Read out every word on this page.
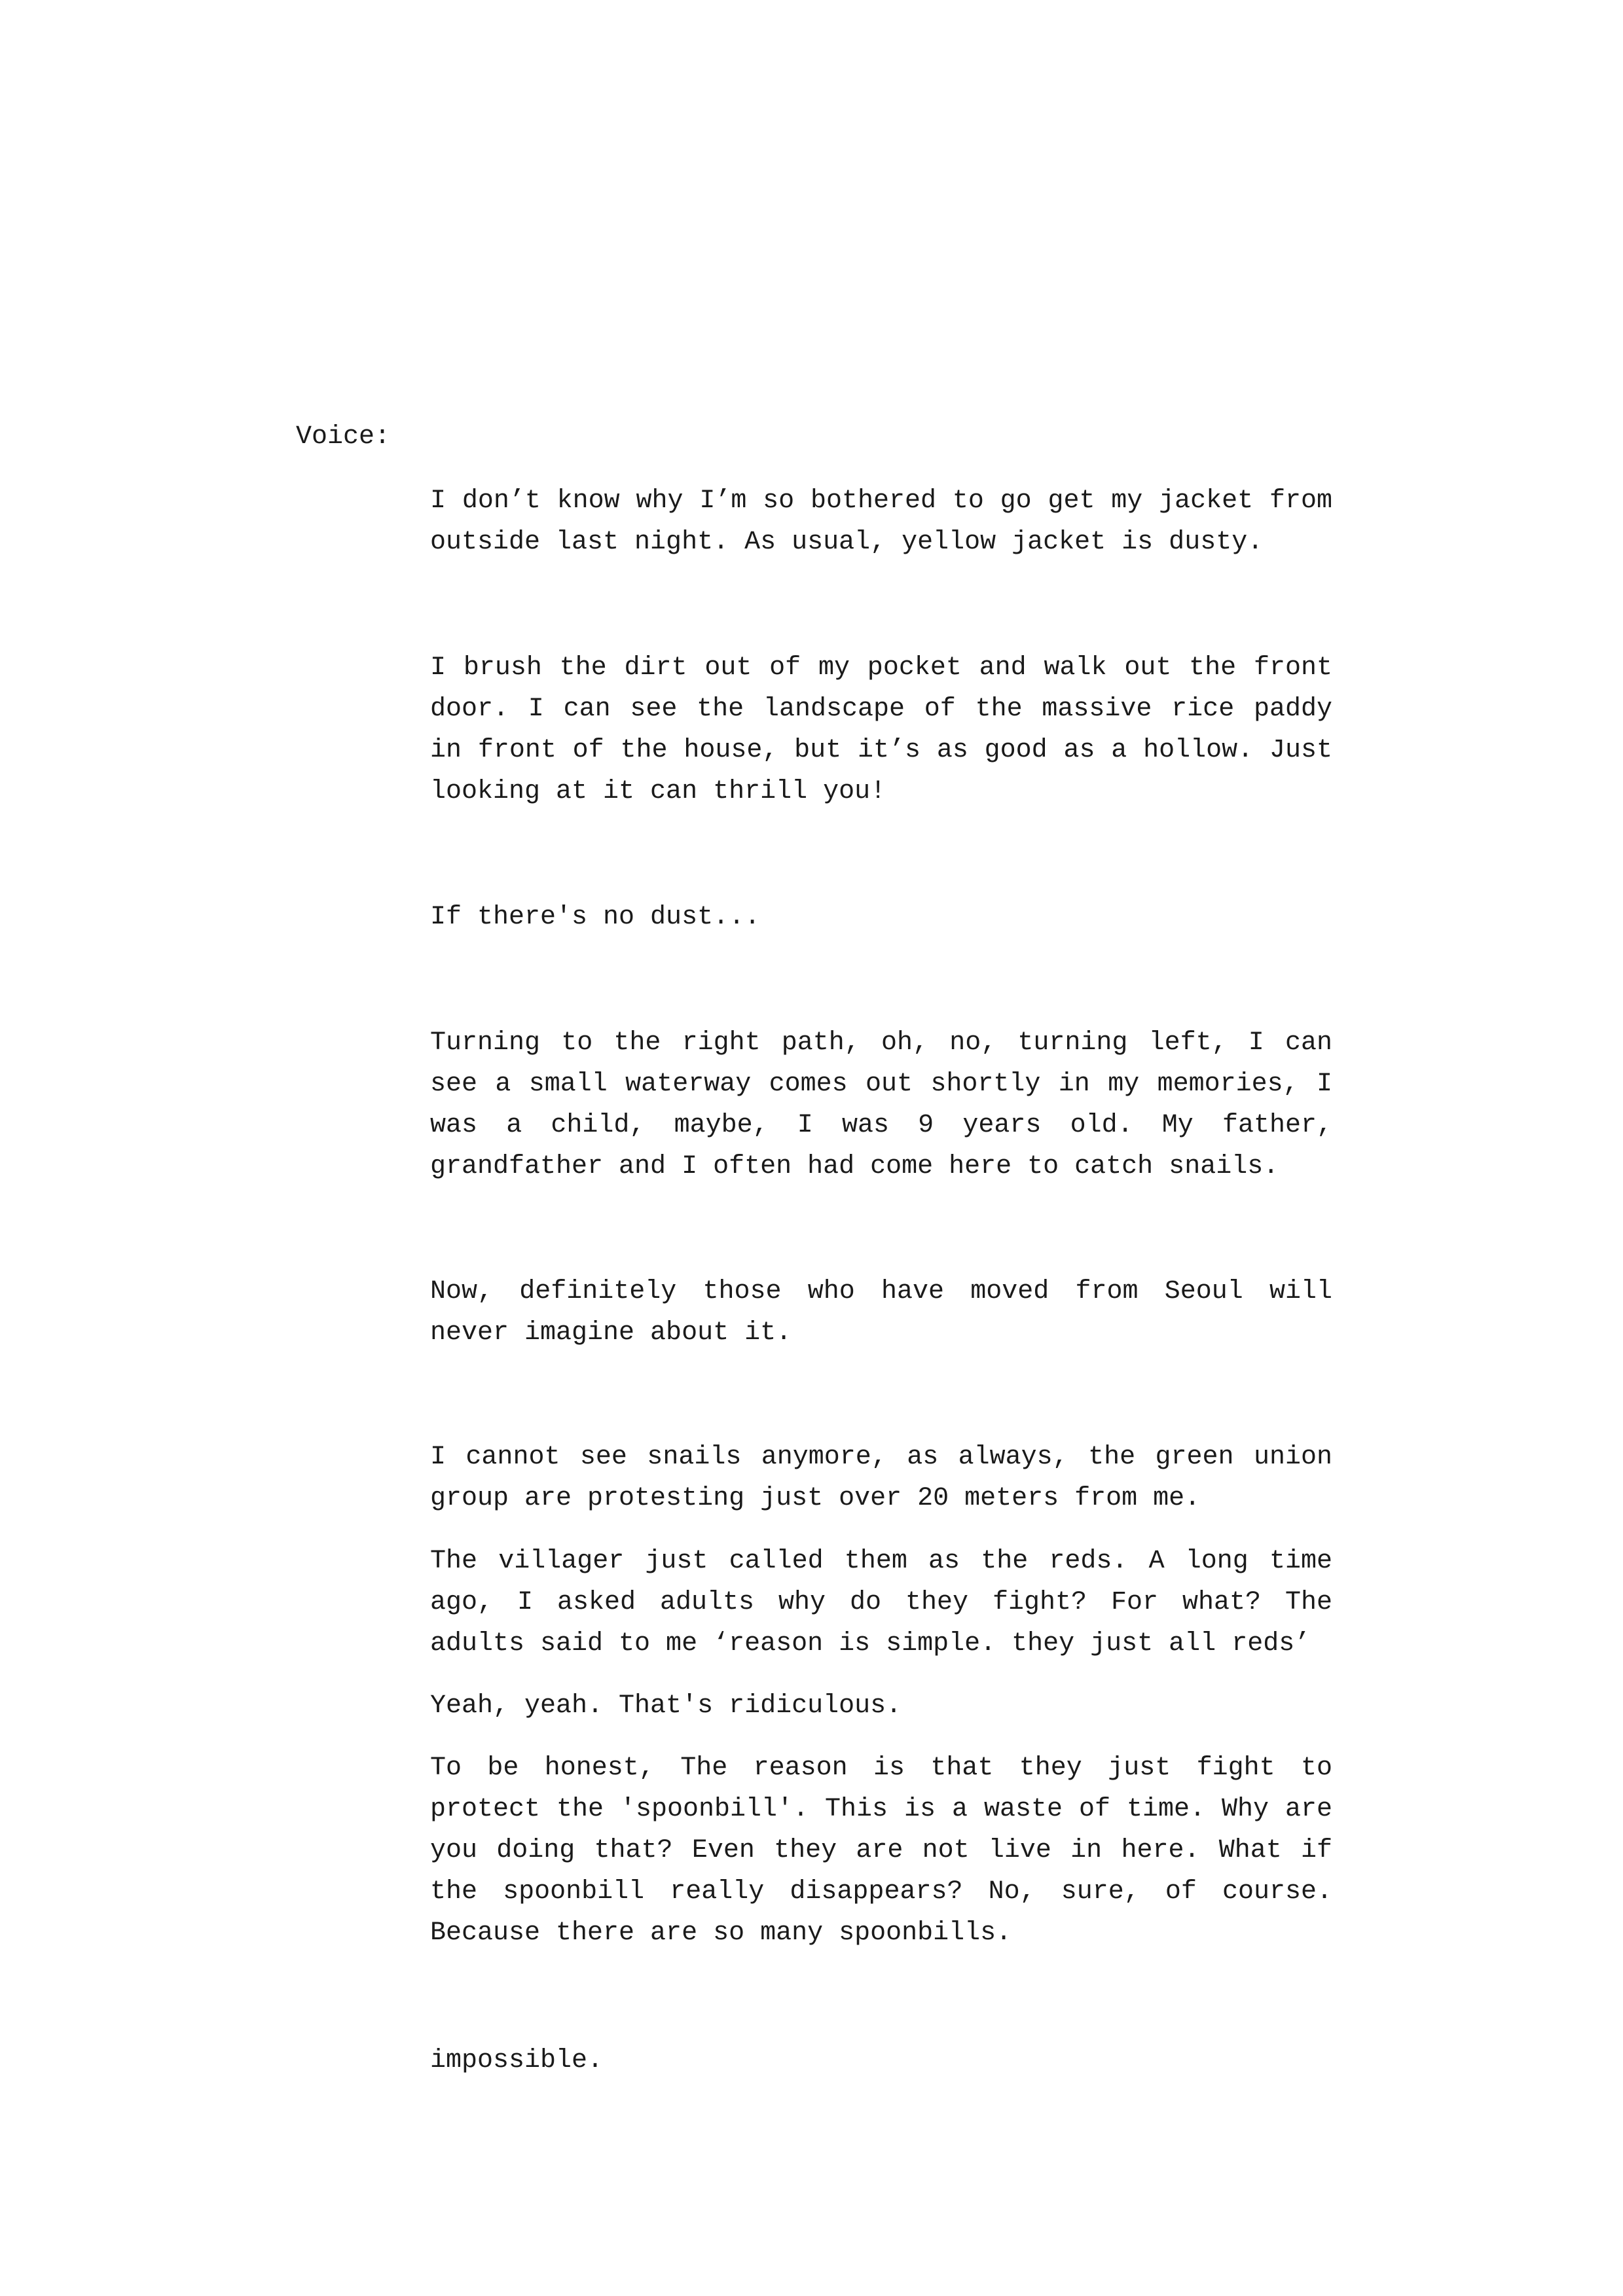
Voice:

I don’t know why I’m so bothered to go get my jacket from outside last night. As usual, yellow jacket is dusty.

I brush the dirt out of my pocket and walk out the front door. I can see the landscape of the massive rice paddy in front of the house, but it’s as good as a hollow. Just looking at it can thrill you!

If there's no dust...

Turning to the right path, oh, no, turning left, I can see a small waterway comes out shortly in my memories, I was a child, maybe, I was 9 years old. My father, grandfather and I often had come here to catch snails.

Now, definitely those who have moved from Seoul will never imagine about it.

I cannot see snails anymore, as always, the green union group are protesting just over 20 meters from me.

The villager just called them as the reds. A long time ago, I asked adults why do they fight? For what? The adults said to me ‘reason is simple. they just all reds’

Yeah, yeah. That's ridiculous.

To be honest, The reason is that they just fight to protect the 'spoonbill'. This is a waste of time. Why are you doing that? Even they are not live in here. What if the spoonbill really disappears? No, sure, of course. Because there are so many spoonbills.

impossible.
